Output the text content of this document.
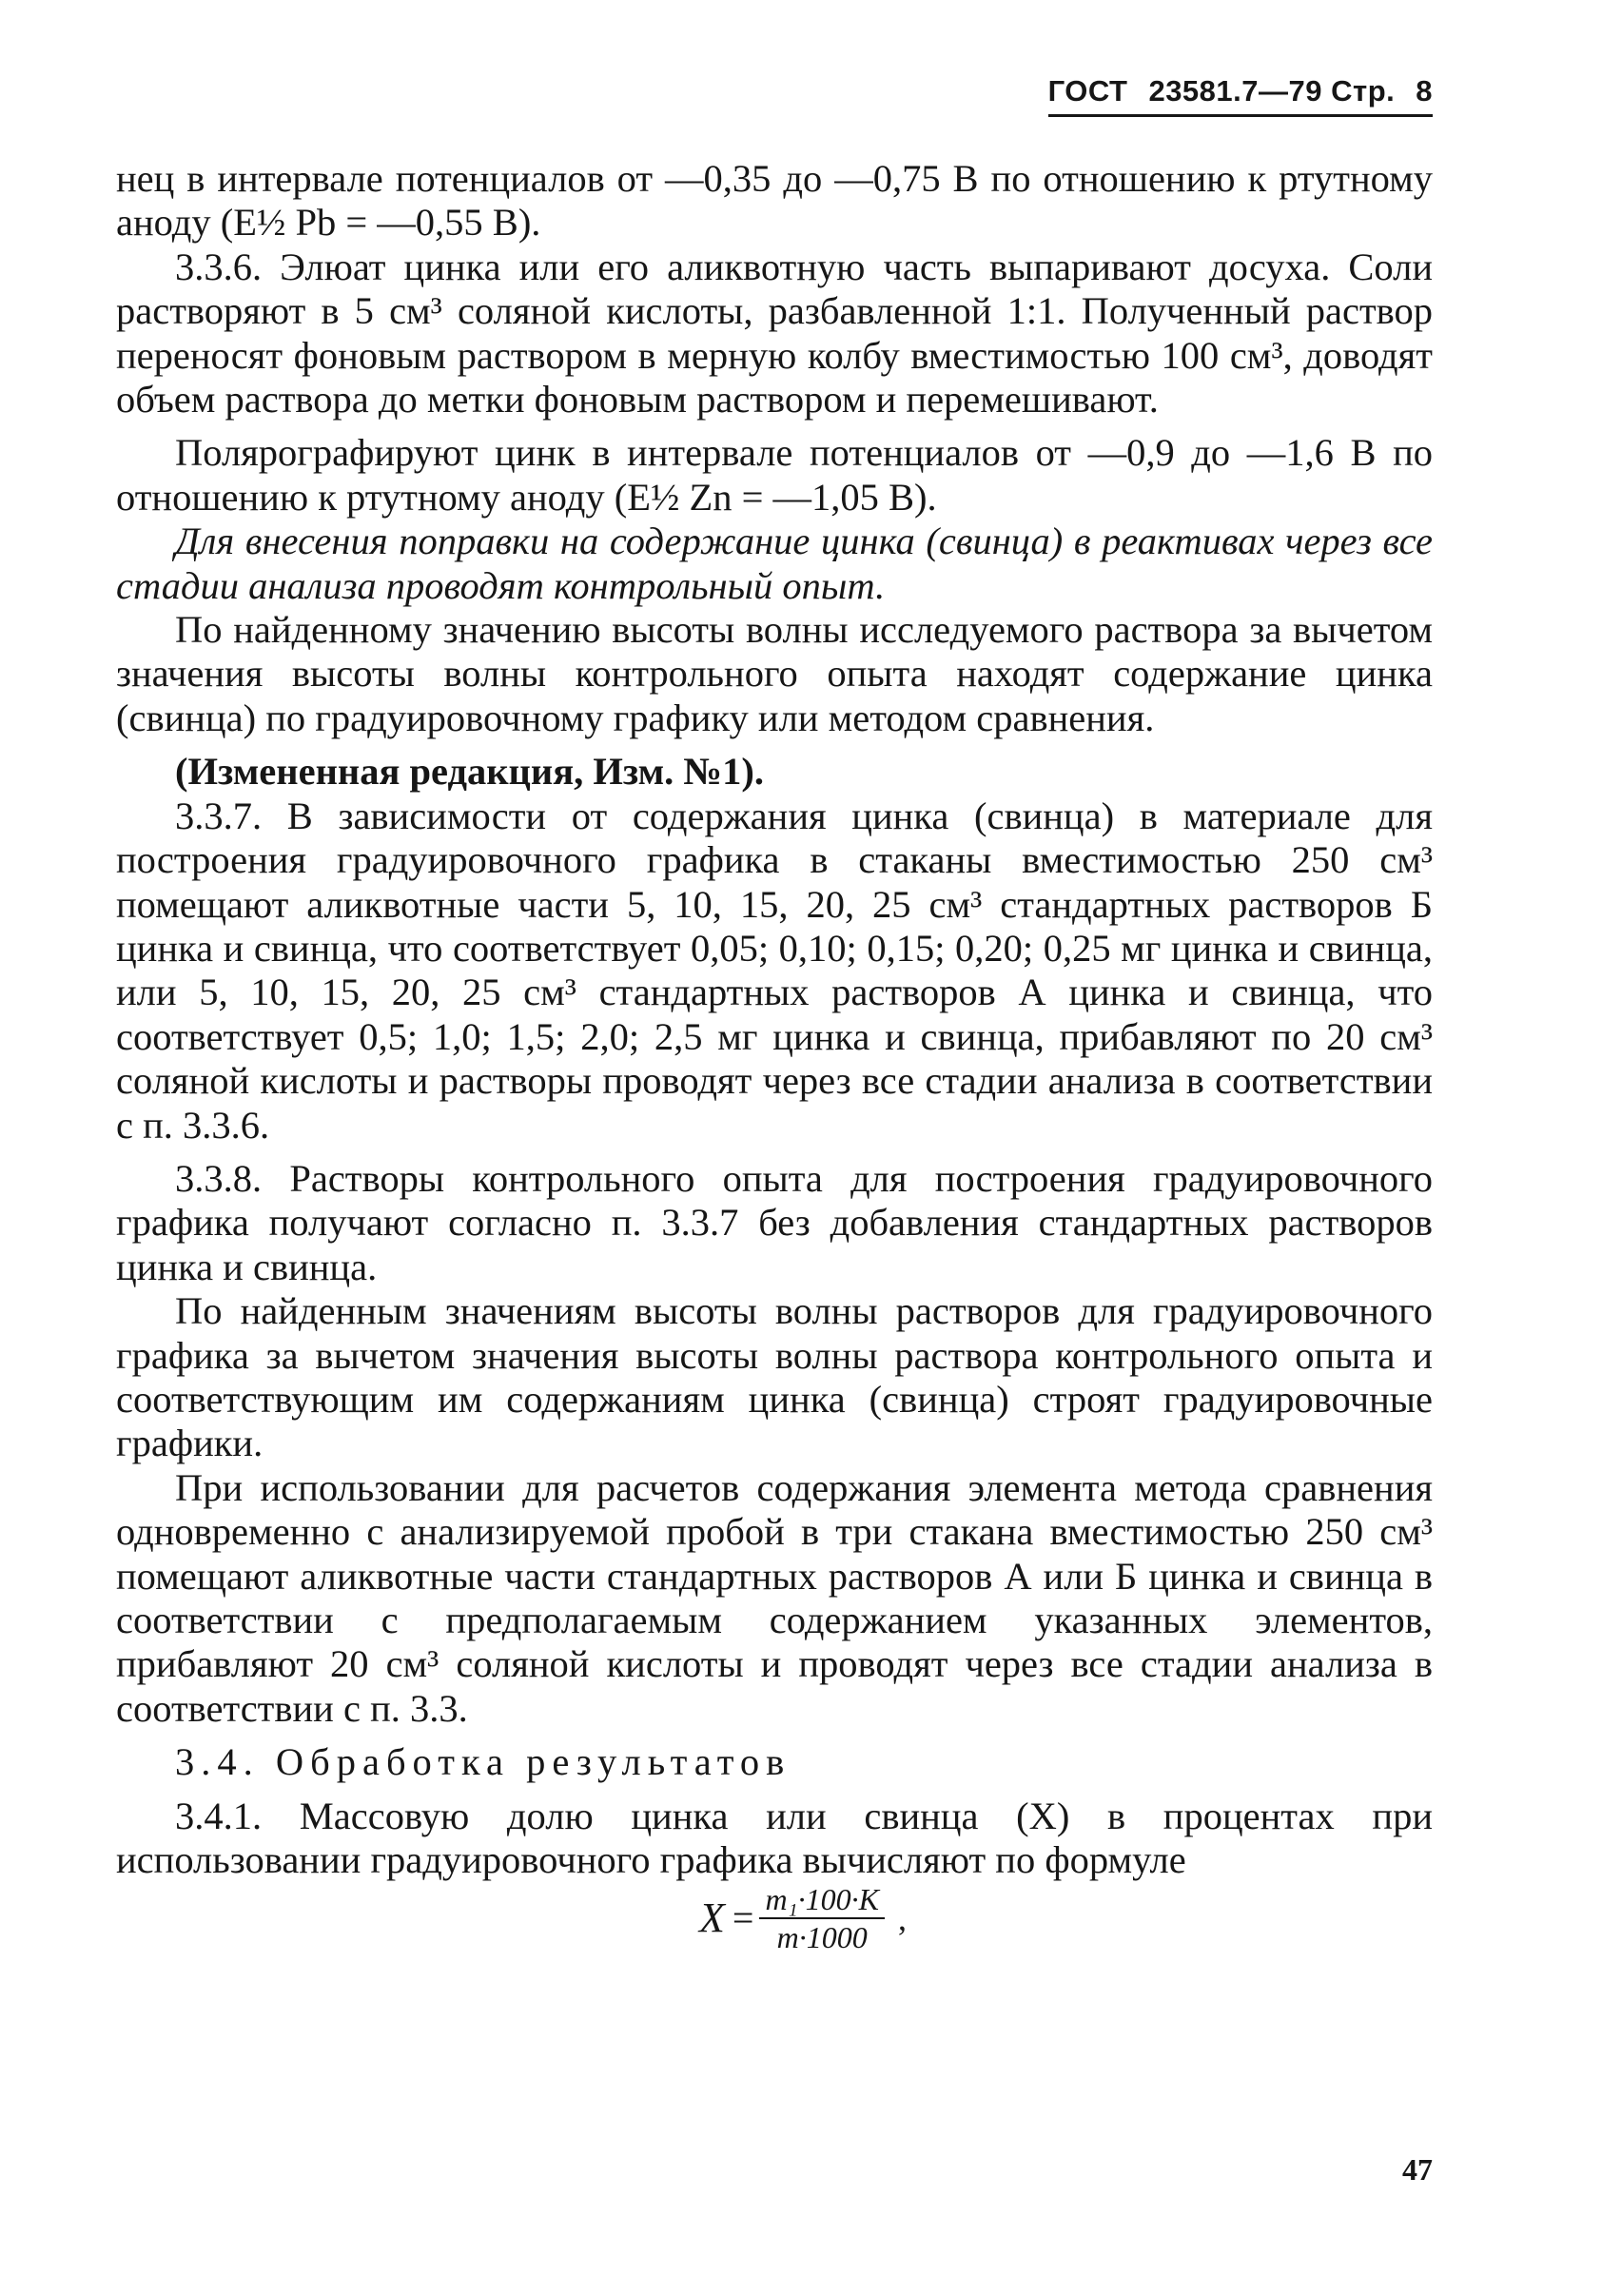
ГОСТ 23581.7—79 Стр. 8

нец в интервале потенциалов от —0,35 до —0,75 В по отношению к ртутному аноду (E½ Pb = —0,55 В).

3.3.6. Элюат цинка или его аликвотную часть выпаривают досуха. Соли растворяют в 5 см³ соляной кислоты, разбавленной 1:1. Полученный раствор переносят фоновым раствором в мерную колбу вместимостью 100 см³, доводят объем раствора до метки фоновым раствором и перемешивают.

Полярографируют цинк в интервале потенциалов от —0,9 до —1,6 В по отношению к ртутному аноду (E½ Zn = —1,05 В).

Для внесения поправки на содержание цинка (свинца) в реактивах через все стадии анализа проводят контрольный опыт.

По найденному значению высоты волны исследуемого раствора за вычетом значения высоты волны контрольного опыта находят содержание цинка (свинца) по градуировочному графику или методом сравнения.

(Измененная редакция, Изм. №1).

3.3.7. В зависимости от содержания цинка (свинца) в материале для построения градуировочного графика в стаканы вместимостью 250 см³ помещают аликвотные части 5, 10, 15, 20, 25 см³ стандартных растворов Б цинка и свинца, что соответствует 0,05; 0,10; 0,15; 0,20; 0,25 мг цинка и свинца, или 5, 10, 15, 20, 25 см³ стандартных растворов А цинка и свинца, что соответствует 0,5; 1,0; 1,5; 2,0; 2,5 мг цинка и свинца, прибавляют по 20 см³ соляной кислоты и растворы проводят через все стадии анализа в соответствии с п. 3.3.6.

3.3.8. Растворы контрольного опыта для построения градуировочного графика получают согласно п. 3.3.7 без добавления стандартных растворов цинка и свинца.

По найденным значениям высоты волны растворов для градуировочного графика за вычетом значения высоты волны раствора контрольного опыта и соответствующим им содержаниям цинка (свинца) строят градуировочные графики.

При использовании для расчетов содержания элемента метода сравнения одновременно с анализируемой пробой в три стакана вместимостью 250 см³ помещают аликвотные части стандартных растворов А или Б цинка и свинца в соответствии с предполагаемым содержанием указанных элементов, прибавляют 20 см³ соляной кислоты и проводят через все стадии анализа в соответствии с п. 3.3.

3.4. Обработка результатов

3.4.1. Массовую долю цинка или свинца (X) в процентах при использовании градуировочного графика вычисляют по формуле

$X = \frac{\text{m₁·100·K}}{m\cdot 1000}$ ,
47
